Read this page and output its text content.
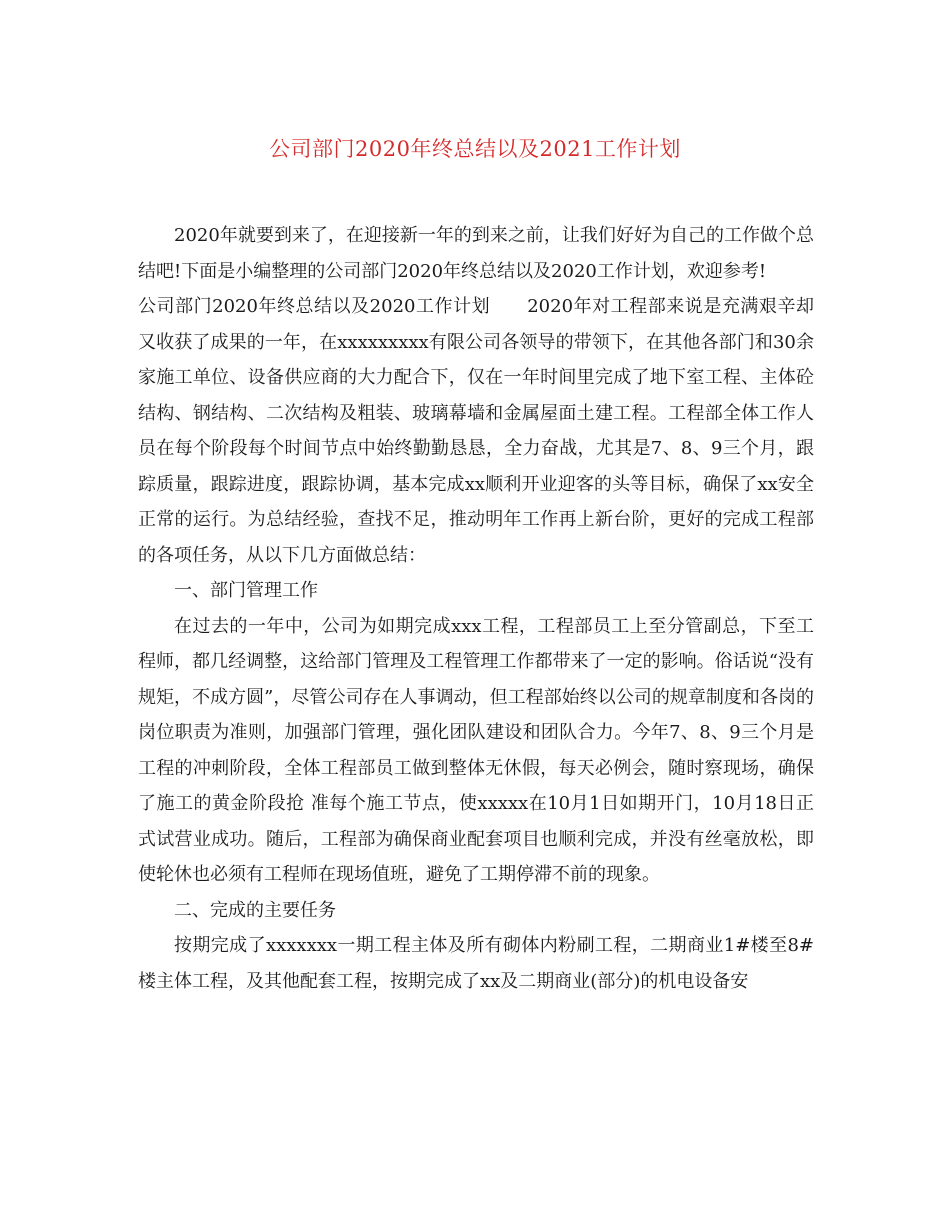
公司部门2020年终总结以及2021工作计划

2020年就要到来了，在迎接新一年的到来之前，让我们好好为自己的工作做个总结吧!下面是小编整理的公司部门2020年终总结以及2020工作计划，欢迎参考!

公司部门2020年终总结以及2020工作计划　　2020年对工程部来说是充满艰辛却又收获了成果的一年，在xxxxxxxxx有限公司各领导的带领下，在其他各部门和30余家施工单位、设备供应商的大力配合下，仅在一年时间里完成了地下室工程、主体砼结构、钢结构、二次结构及粗装、玻璃幕墙和金属屋面土建工程。工程部全体工作人员在每个阶段每个时间节点中始终勤勤恳恳，全力奋战，尤其是7、8、9三个月，跟踪质量，跟踪进度，跟踪协调，基本完成xx顺利开业迎客的头等目标，确保了xx安全正常的运行。为总结经验，查找不足，推动明年工作再上新台阶，更好的完成工程部的各项任务，从以下几方面做总结：

一、部门管理工作

在过去的一年中，公司为如期完成xxx工程，工程部员工上至分管副总，下至工程师，都几经调整，这给部门管理及工程管理工作都带来了一定的影响。俗话说“没有规矩，不成方圆”，尽管公司存在人事调动，但工程部始终以公司的规章制度和各岗的岗位职责为准则，加强部门管理，强化团队建设和团队合力。今年7、8、9三个月是工程的冲刺阶段，全体工程部员工做到整体无休假，每天必例会，随时察现场，确保了施工的黄金阶段抢 准每个施工节点，使xxxxx在10月1日如期开门，10月18日正式试营业成功。随后，工程部为确保商业配套项目也顺利完成，并没有丝毫放松，即使轮休也必须有工程师在现场值班，避免了工期停滞不前的现象。

二、完成的主要任务

按期完成了xxxxxxx一期工程主体及所有砌体内粉刷工程，二期商业1#楼至8#楼主体工程，及其他配套工程，按期完成了xx及二期商业(部分)的机电设备安
